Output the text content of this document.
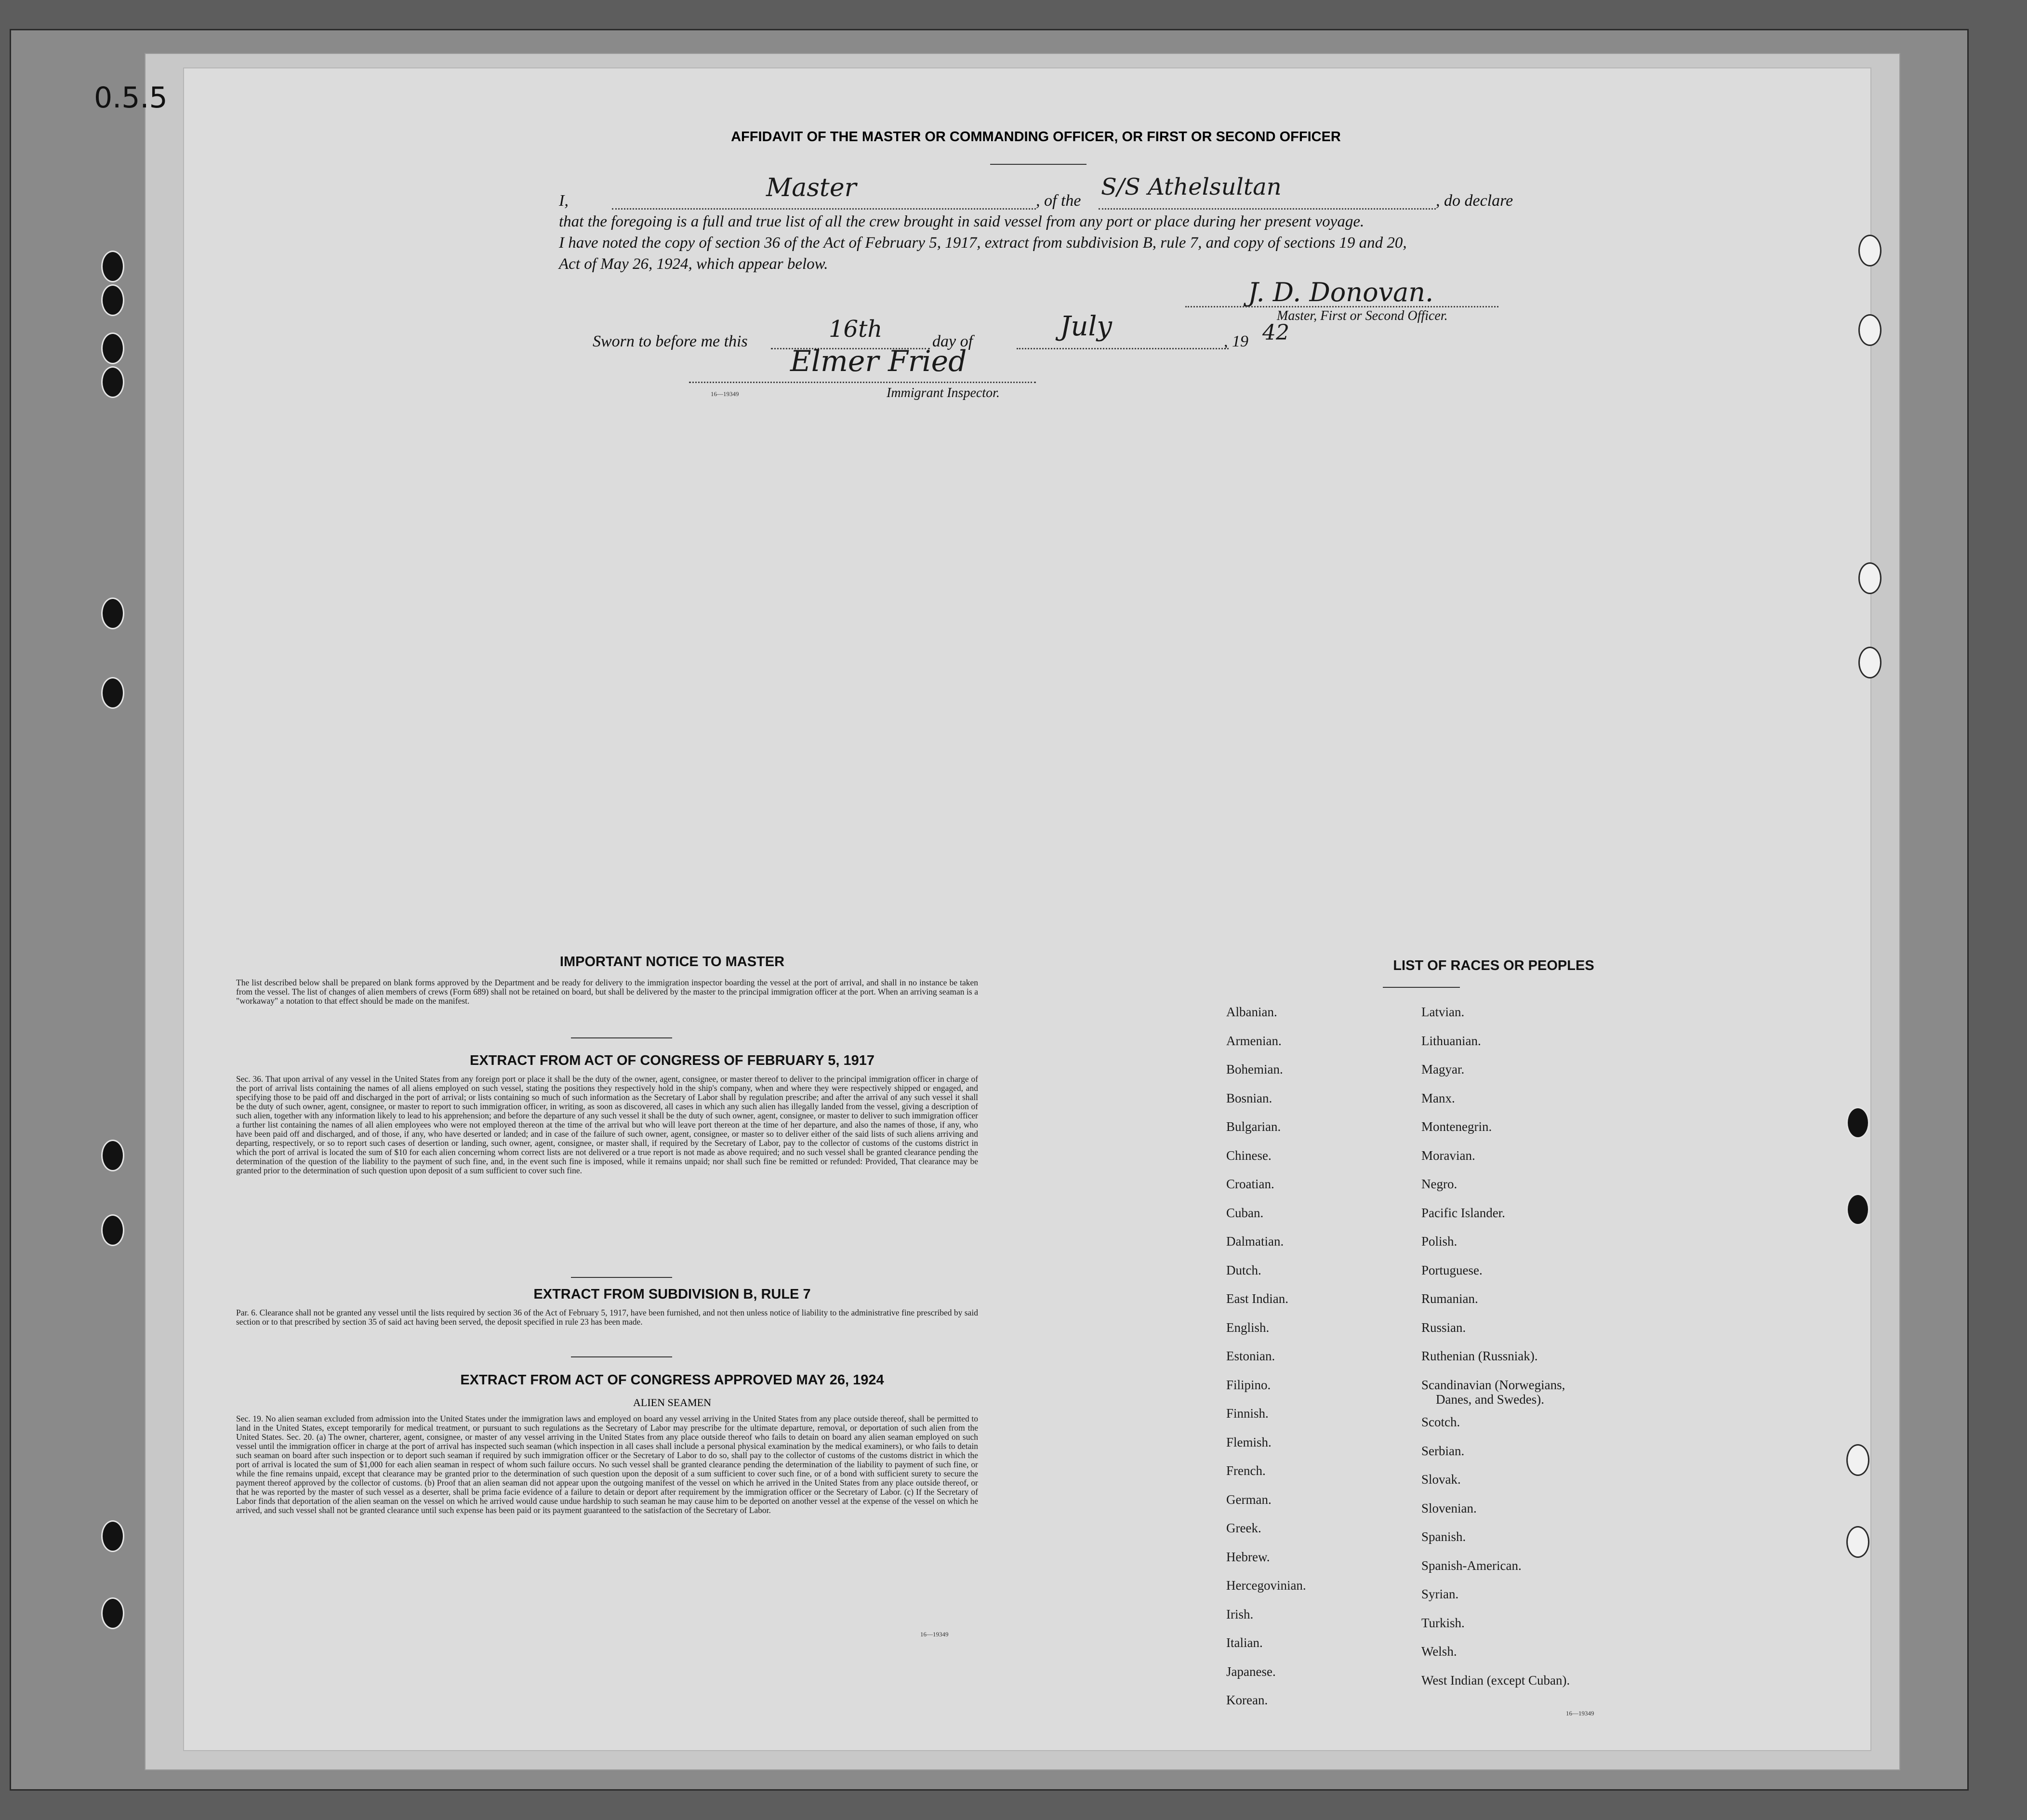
0.5.5
AFFIDAVIT OF THE MASTER OR COMMANDING OFFICER, OR FIRST OR SECOND OFFICER
I,	Master	, of the
S/S Athelsultan
, do declare
that the foregoing is a full and true list of all the crew brought in said vessel from any port or place during her present voyage.
I have noted the copy of section 36 of the Act of February 5, 1917, extract from subdivision B, rule 7, and copy of sections 19 and 20,
Act of May 26, 1924, which appear below.
J. D. Donovan.
Master, First or Second Officer.
Sworn to before me this	16th	day of	July	, 19 42
Elmer Fried
16—19349	Immigrant Inspector.
IMPORTANT NOTICE TO MASTER
The list described below shall be prepared on blank forms approved by the Department and be ready for delivery to the immigration inspector boarding the vessel at the port of arrival, and shall in no instance be taken from the vessel. The list of changes of alien members of crews (Form 689) shall not be retained on board, but shall be delivered by the master to the principal immigration officer at the port. When an arriving seaman is a "workaway" a notation to that effect should be made on the manifest.
EXTRACT FROM ACT OF CONGRESS OF FEBRUARY 5, 1917
Sec. 36. That upon arrival of any vessel in the United States from any foreign port or place it shall be the duty of the owner, agent, consignee, or master thereof to deliver to the principal immigration officer in charge of the port of arrival lists containing the names of all aliens employed on such vessel, stating the positions they respectively hold in the ship's company, when and where they were respectively shipped or engaged, and specifying those to be paid off and discharged in the port of arrival; or lists containing so much of such information as the Secretary of Labor shall by regulation prescribe; and after the arrival of any such vessel it shall be the duty of such owner, agent, consignee, or master to report to such immigration officer, in writing, as soon as discovered, all cases in which any such alien has illegally landed from the vessel, giving a description of such alien, together with any information likely to lead to his apprehension; and before the departure of any such vessel it shall be the duty of such owner, agent, consignee, or master to deliver to such immigration officer a further list containing the names of all alien employees who were not employed thereon at the time of the arrival but who will leave port thereon at the time of her departure, and also the names of those, if any, who have been paid off and discharged, and of those, if any, who have deserted or landed; and in case of the failure of such owner, agent, consignee, or master so to deliver either of the said lists of such aliens arriving and departing, respectively, or so to report such cases of desertion or landing, such owner, agent, consignee, or master shall, if required by the Secretary of Labor, pay to the collector of customs of the customs district in which the port of arrival is located the sum of $10 for each alien concerning whom correct lists are not delivered or a true report is not made as above required; and no such vessel shall be granted clearance pending the determination of the question of the liability to the payment of such fine, and, in the event such fine is imposed, while it remains unpaid; nor shall such fine be remitted or refunded: Provided, That clearance may be granted prior to the determination of such question upon deposit of a sum sufficient to cover such fine.
EXTRACT FROM SUBDIVISION B, RULE 7
Par. 6. Clearance shall not be granted any vessel until the lists required by section 36 of the Act of February 5, 1917, have been furnished, and not then unless notice of liability to the administrative fine prescribed by said section or to that prescribed by section 35 of said act having been served, the deposit specified in rule 23 has been made.
EXTRACT FROM ACT OF CONGRESS APPROVED MAY 26, 1924
ALIEN SEAMEN
Sec. 19. No alien seaman excluded from admission into the United States under the immigration laws and employed on board any vessel arriving in the United States from any place outside thereof, shall be permitted to land in the United States, except temporarily for medical treatment, or pursuant to such regulations as the Secretary of Labor may prescribe for the ultimate departure, removal, or deportation of such alien from the United States. Sec. 20. (a) The owner, charterer, agent, consignee, or master of any vessel arriving in the United States from any place outside thereof who fails to detain on board any alien seaman employed on such vessel until the immigration officer in charge at the port of arrival has inspected such seaman (which inspection in all cases shall include a personal physical examination by the medical examiners), or who fails to detain such seaman on board after such inspection or to deport such seaman if required by such immigration officer or the Secretary of Labor to do so, shall pay to the collector of customs of the customs district in which the port of arrival is located the sum of $1,000 for each alien seaman in respect of whom such failure occurs. No such vessel shall be granted clearance pending the determination of the liability to payment of such fine, or while the fine remains unpaid, except that clearance may be granted prior to the determination of such question upon the deposit of a sum sufficient to cover such fine, or of a bond with sufficient surety to secure the payment thereof approved by the collector of customs. (b) Proof that an alien seaman did not appear upon the outgoing manifest of the vessel on which he arrived in the United States from any place outside thereof, or that he was reported by the master of such vessel as a deserter, shall be prima facie evidence of a failure to detain or deport after requirement by the immigration officer or the Secretary of Labor. (c) If the Secretary of Labor finds that deportation of the alien seaman on the vessel on which he arrived would cause undue hardship to such seaman he may cause him to be deported on another vessel at the expense of the vessel on which he arrived, and such vessel shall not be granted clearance until such expense has been paid or its payment guaranteed to the satisfaction of the Secretary of Labor.
16—19349
LIST OF RACES OR PEOPLES
Albanian.
Armenian.
Bohemian.
Bosnian.
Bulgarian.
Chinese.
Croatian.
Cuban.
Dalmatian.
Dutch.
East Indian.
English.
Estonian.
Filipino.
Finnish.
Flemish.
French.
German.
Greek.
Hebrew.
Hercegovinian.
Irish.
Italian.
Japanese.
Korean.
Latvian.
Lithuanian.
Magyar.
Manx.
Montenegrin.
Moravian.
Negro.
Pacific Islander.
Polish.
Portuguese.
Rumanian.
Russian.
Ruthenian (Russniak).
Scandinavian (Norwegians,
Danes, and Swedes).
Scotch.
Serbian.
Slovak.
Slovenian.
Spanish.
Spanish-American.
Syrian.
Turkish.
Welsh.
West Indian (except Cuban).
16—19349
